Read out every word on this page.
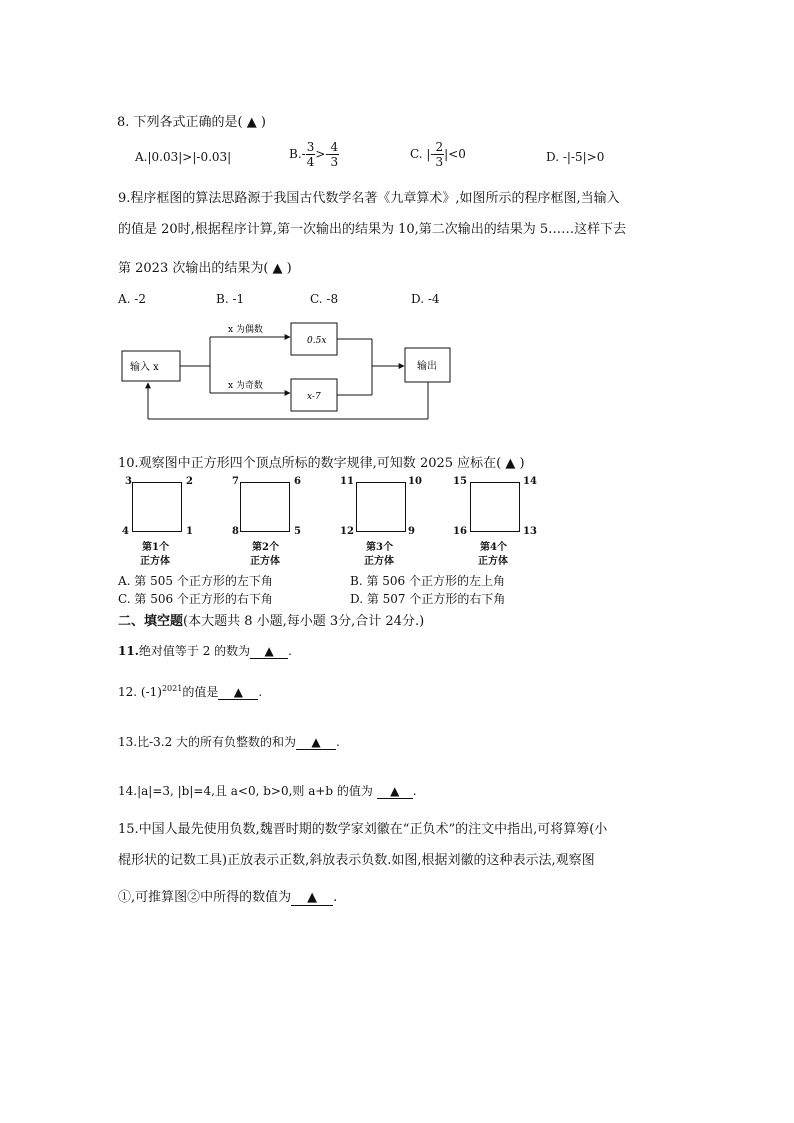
8. 下列各式正确的是( ▲ )
A.|0.03|>|-0.03|	$B.- \frac{3}{4} >- \frac{4}{3}$	C. |- $\frac{2}{3} |<0$	D. -|-5|>0
9.程序框图的算法思路源于我国古代数学名著《九章算术》,如图所示的程序框图,当输入
的值是 20时,根据程序计算,第一次输出的结果为 10,第二次输出的结果为 5……这样下去
第 2023 次输出的结果为( ▲ )
A. -2	B. -1	C. -8	D. -4
输入 x
x 为偶数
x 为奇数
0.5x
x-7
输出
10.观察图中正方形四个顶点所标的数字规律,可知数 2025 应标在( ▲ )
3	2
4	1
第1个
正方体
7	6
8	5
第2个
正方体
11	10
12	9
第3个
正方体
15	14
16	13
第4个
正方体
A. 第 505 个正方形的左下角	B. 第 506 个正方形的左上角
C. 第 506 个正方形的右下角	D. 第 507 个正方形的右下角
二、填空题(本大题共 8 小题,每小题 3分,合计 24分.)
11.绝对值等于 2 的数为 ▲ .
12. $(-1)^{2021}$的值是 ▲ .
13.比-3.2 大的所有负整数的和为 ▲ .
14.|a|=3, |b|=4,且 a<0, b>0,则 a+b 的值为 ▲ .
15.中国人最先使用负数,魏晋时期的数学家刘徽在“正负术”的注文中指出,可将算筹(小
棍形状的记数工具)正放表示正数,斜放表示负数.如图,根据刘徽的这种表示法,观察图
①,可推算图②中所得的数值为 ▲ .
